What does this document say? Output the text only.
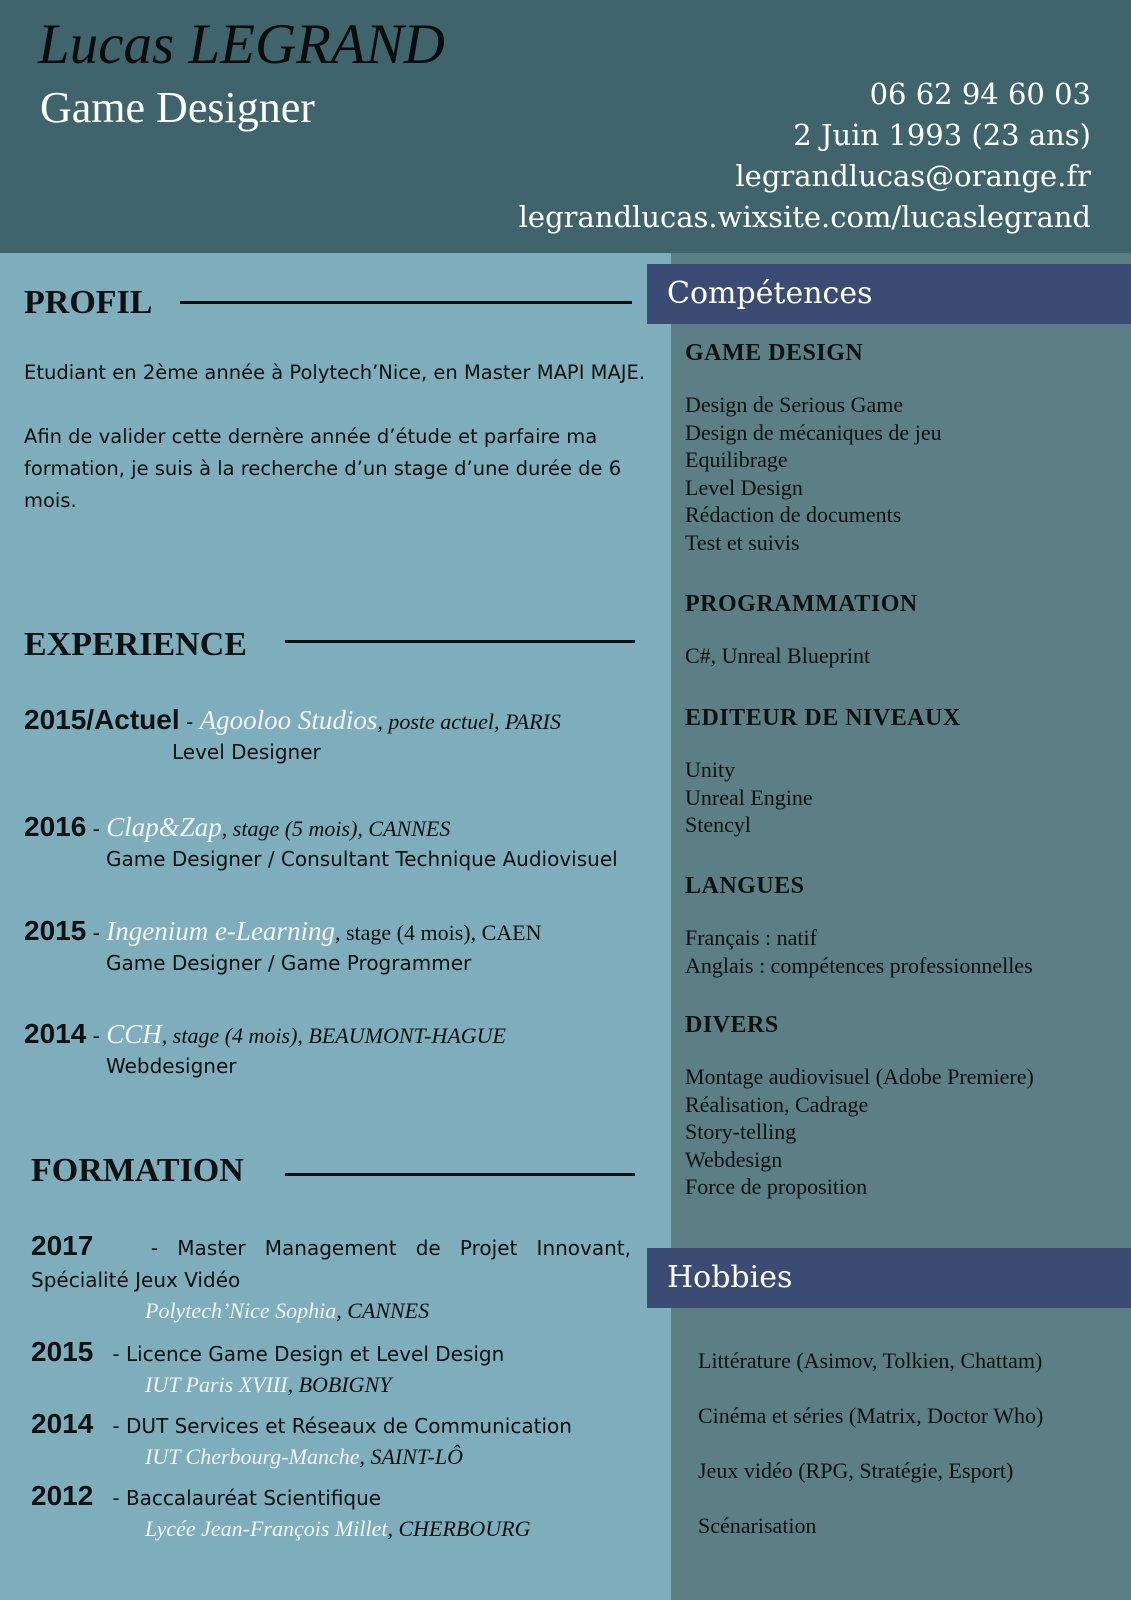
Lucas LEGRAND
Game Designer	06 62 94 60 03
2 Juin 1993 (23 ans)
legrandlucas@orange.fr
legrandlucas.wixsite.com/lucaslegrand
Compétences
GAME DESIGN
Design de Serious Game
Design de mécaniques de jeu
Equilibrage
Level Design
Rédaction de documents
Test et suivis
PROGRAMMATION
C#, Unreal Blueprint
EDITEUR DE NIVEAUX
Unity
Unreal Engine
Stencyl
LANGUES
Français : natif
Anglais : compétences professionnelles
DIVERS
Montage audiovisuel (Adobe Premiere)
Réalisation, Cadrage
Story-telling
Webdesign
Force de proposition
Hobbies
Littérature (Asimov, Tolkien, Chattam)
Cinéma et séries (Matrix, Doctor Who)
Jeux vidéo (RPG, Stratégie, Esport)
Scénarisation
PROFIL

Etudiant en 2ème année à Polytech’Nice, en Master MAPI MAJE.

Afin de valider cette dernère année d’étude et parfaire ma formation, je suis à la recherche d’un stage d’une durée de 6 mois.

EXPERIENCE
2015/Actuel - Agooloo Studios, poste actuel, PARIS
Level Designer
2016 - Clap&Zap, stage (5 mois), CANNES
Game Designer / Consultant Technique Audiovisuel
2015 - Ingenium e-Learning, stage (4 mois), CAEN
Game Designer / Game Programmer
2014 - CCH, stage (4 mois), BEAUMONT-HAGUE
Webdesigner
FORMATION
2017	- Master Management de Projet Innovant, Spécialité Jeux Vidéo
Polytech’Nice Sophia, CANNES
2015 - Licence Game Design et Level Design
IUT Paris XVIII, BOBIGNY
2014 - DUT Services et Réseaux de Communication
IUT Cherbourg-Manche, SAINT-LÔ
2012 - Baccalauréat Scientifique
Lycée Jean-François Millet, CHERBOURG
